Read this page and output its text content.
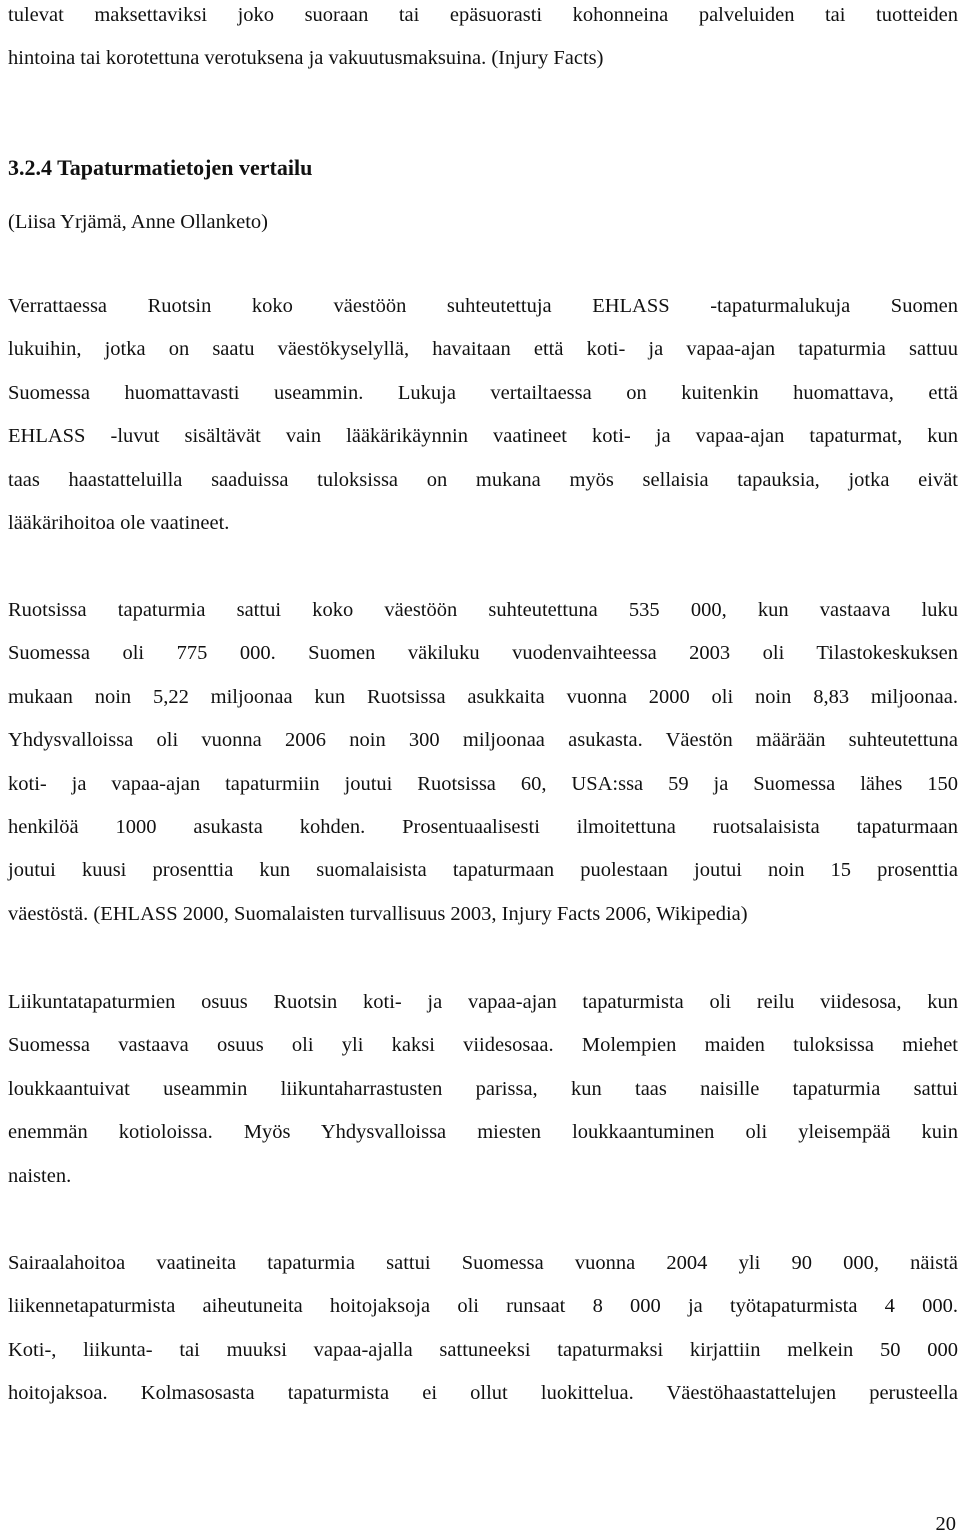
tulevat maksettaviksi joko suoraan tai epäsuorasti kohonneina palveluiden tai tuotteiden
hintoina tai korotettuna verotuksena ja vakuutusmaksuina. (Injury Facts)
3.2.4 Tapaturmatietojen vertailu

(Liisa Yrjämä, Anne Ollanketo)

Verrattaessa Ruotsin koko väestöön suhteutettuja EHLASS -tapaturmalukuja Suomen
lukuihin, jotka on saatu väestökyselyllä, havaitaan että koti- ja vapaa-ajan tapaturmia sattuu
Suomessa huomattavasti useammin. Lukuja vertailtaessa on kuitenkin huomattava, että
EHLASS -luvut sisältävät vain lääkärikäynnin vaatineet koti- ja vapaa-ajan tapaturmat, kun
taas haastatteluilla saaduissa tuloksissa on mukana myös sellaisia tapauksia, jotka eivät
lääkärihoitoa ole vaatineet.
Ruotsissa tapaturmia sattui koko väestöön suhteutettuna 535 000, kun vastaava luku
Suomessa oli 775 000. Suomen väkiluku vuodenvaihteessa 2003 oli Tilastokeskuksen
mukaan noin 5,22 miljoonaa kun Ruotsissa asukkaita vuonna 2000 oli noin 8,83 miljoonaa.
Yhdysvalloissa oli vuonna 2006 noin 300 miljoonaa asukasta. Väestön määrään suhteutettuna
koti- ja vapaa-ajan tapaturmiin joutui Ruotsissa 60, USA:ssa 59 ja Suomessa lähes 150
henkilöä 1000 asukasta kohden. Prosentuaalisesti ilmoitettuna ruotsalaisista tapaturmaan
joutui kuusi prosenttia kun suomalaisista tapaturmaan puolestaan joutui noin 15 prosenttia
väestöstä. (EHLASS 2000, Suomalaisten turvallisuus 2003, Injury Facts 2006, Wikipedia)
Liikuntatapaturmien osuus Ruotsin koti- ja vapaa-ajan tapaturmista oli reilu viidesosa, kun
Suomessa vastaava osuus oli yli kaksi viidesosaa. Molempien maiden tuloksissa miehet
loukkaantuivat useammin liikuntaharrastusten parissa, kun taas naisille tapaturmia sattui
enemmän kotioloissa. Myös Yhdysvalloissa miesten loukkaantuminen oli yleisempää kuin
naisten.
Sairaalahoitoa vaatineita tapaturmia sattui Suomessa vuonna 2004 yli 90 000, näistä
liikennetapaturmista aiheutuneita hoitojaksoja oli runsaat 8 000 ja työtapaturmista 4 000.
Koti-, liikunta- tai muuksi vapaa-ajalla sattuneeksi tapaturmaksi kirjattiin melkein 50 000
hoitojaksoa. Kolmasosasta tapaturmista ei ollut luokittelua. Väestöhaastattelujen perusteella
20
